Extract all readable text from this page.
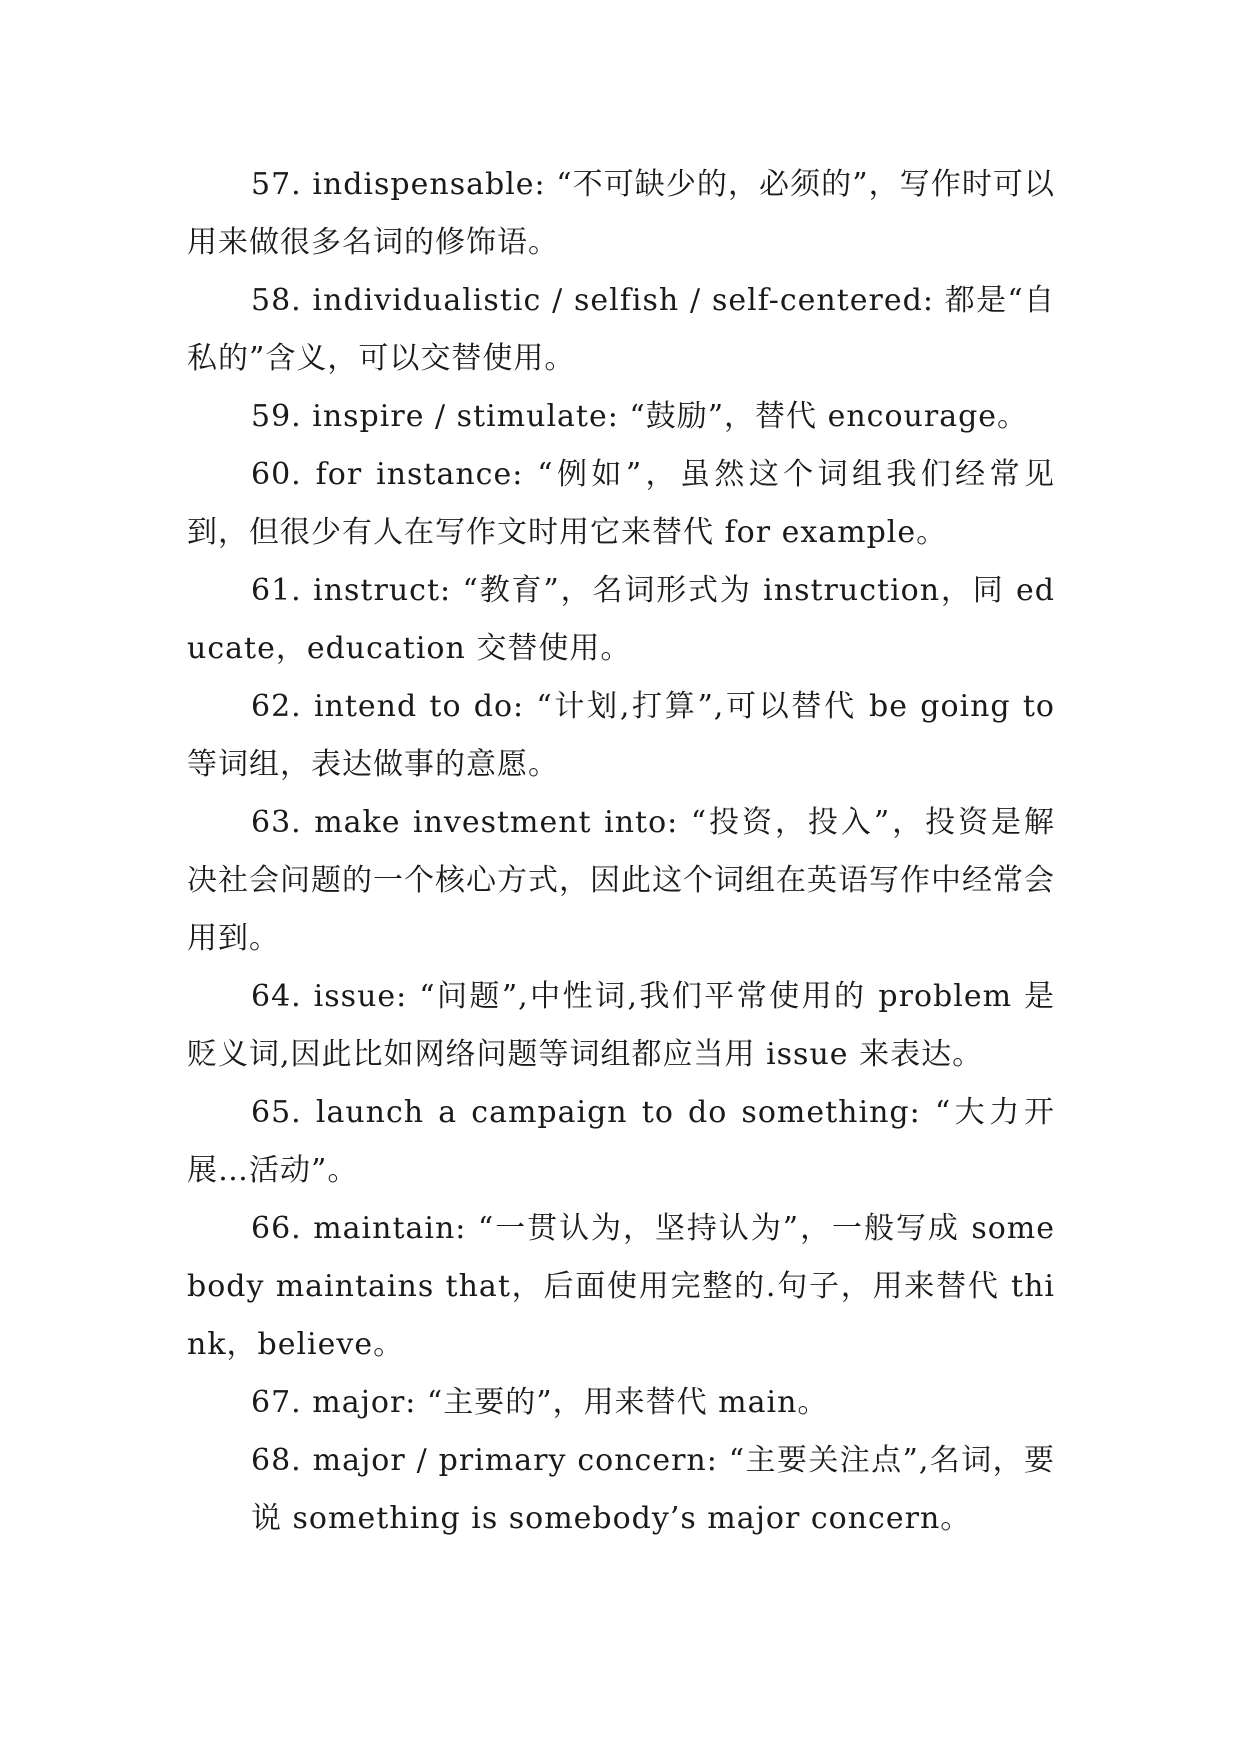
57. indispensable: “不可缺少的，必须的”，写作时可以用来做很多名词的修饰语。

58. individualistic / selfish / self-centered: 都是“自私的”含义，可以交替使用。

59. inspire / stimulate: “鼓励”，替代 encourage。

60. for instance: “例如”，虽然这个词组我们经常见到，但很少有人在写作文时用它来替代 for example。

61. instruct: “教育”，名词形式为 instruction，同 educate，education 交替使用。

62. intend to do: “计划,打算”,可以替代 be going to 等词组，表达做事的意愿。

63. make investment into: “投资，投入”，投资是解决社会问题的一个核心方式，因此这个词组在英语写作中经常会用到。

64. issue: “问题”,中性词,我们平常使用的 problem 是贬义词,因此比如网络问题等词组都应当用 issue 来表达。

65. launch a campaign to do something: “大力开展…活动”。

66. maintain: “一贯认为，坚持认为”，一般写成 somebody maintains that，后面使用完整的.句子，用来替代 think，believe。

67. major: “主要的”，用来替代 main。

68. major / primary concern: “主要关注点”,名词，要说 something is somebody’s major concern。
